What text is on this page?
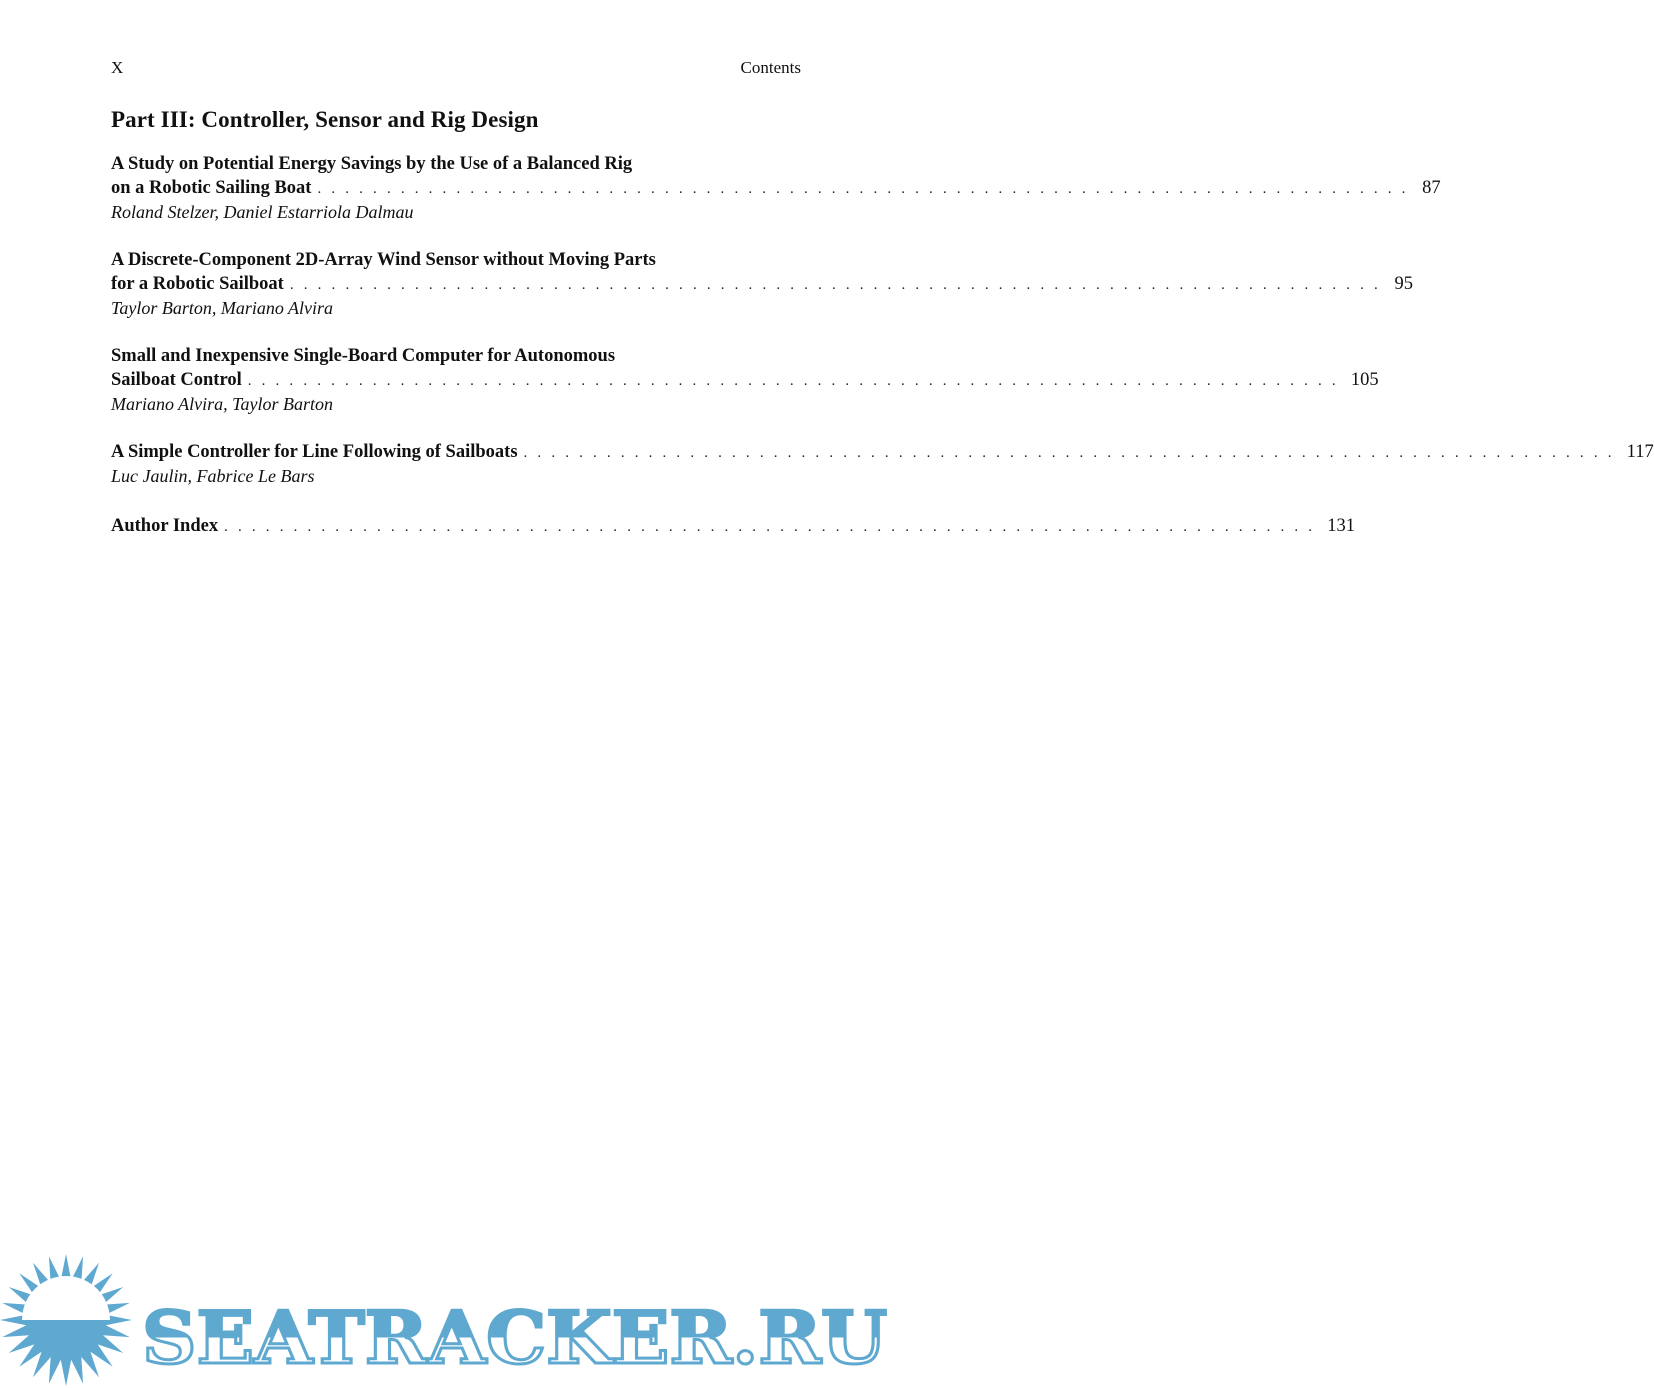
X	Contents
Part III: Controller, Sensor and Rig Design
A Study on Potential Energy Savings by the Use of a Balanced Rig
on a Robotic Sailing Boat . . . . . . . . . . . . . . . . . . . . . . . . . . . . . . . . . . . . . . . . . . . . . . . . . . . . . . . . . . . . . . . . . . . . . . . . . . . . . . . 87
Roland Stelzer, Daniel Estarriola Dalmau
A Discrete-Component 2D-Array Wind Sensor without Moving Parts
for a Robotic Sailboat . . . . . . . . . . . . . . . . . . . . . . . . . . . . . . . . . . . . . . . . . . . . . . . . . . . . . . . . . . . . . . . . . . . . . . . . . . . . . . . 95
Taylor Barton, Mariano Alvira
Small and Inexpensive Single-Board Computer for Autonomous
Sailboat Control . . . . . . . . . . . . . . . . . . . . . . . . . . . . . . . . . . . . . . . . . . . . . . . . . . . . . . . . . . . . . . . . . . . . . . . . . . . . . . . 105
Mariano Alvira, Taylor Barton
A Simple Controller for Line Following of Sailboats . . . . . . . . . . . . . . . . . . . . . . . . . . . . . . . . . . . . . . . . . . . . . . . . . . . . . . . . . . . . . . . . . . . . . . . . . . . . . . . 117
Luc Jaulin, Fabrice Le Bars
Author Index . . . . . . . . . . . . . . . . . . . . . . . . . . . . . . . . . . . . . . . . . . . . . . . . . . . . . . . . . . . . . . . . . . . . . . . . . . . . . . . 131
SEATRACKER.RU
